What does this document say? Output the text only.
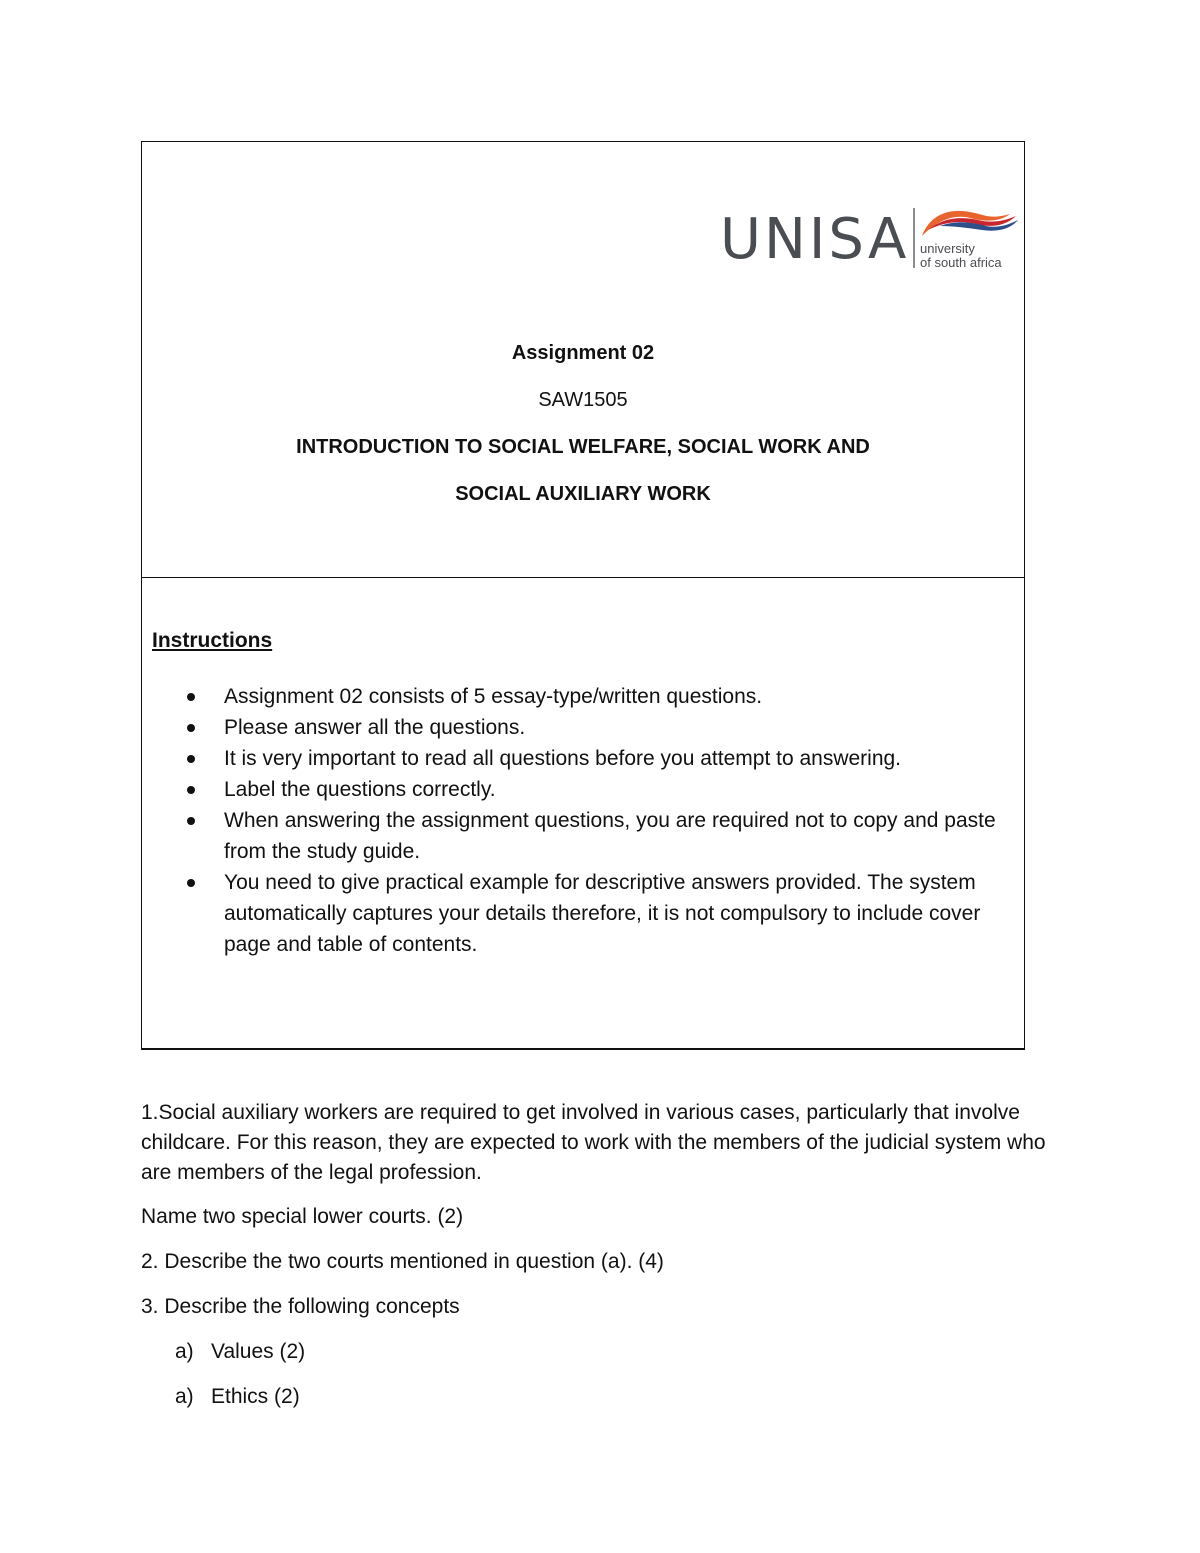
UNISA university
of south africa
Assignment 02
SAW1505
INTRODUCTION TO SOCIAL WELFARE, SOCIAL WORK AND
SOCIAL AUXILIARY WORK
Instructions
Assignment 02 consists of 5 essay-type/written questions.
Please answer all the questions.
It is very important to read all questions before you attempt to answering.
Label the questions correctly.
When answering the assignment questions, you are required not to copy and paste from the study guide.
You need to give practical example for descriptive answers provided. The system automatically captures your details therefore, it is not compulsory to include cover page and table of contents.
1.Social auxiliary workers are required to get involved in various cases, particularly that involve childcare. For this reason, they are expected to work with the members of the judicial system who are members of the legal profession.
Name two special lower courts. (2)
2. Describe the two courts mentioned in question (a). (4)
3. Describe the following concepts
a) Values (2)
a) Ethics (2)
